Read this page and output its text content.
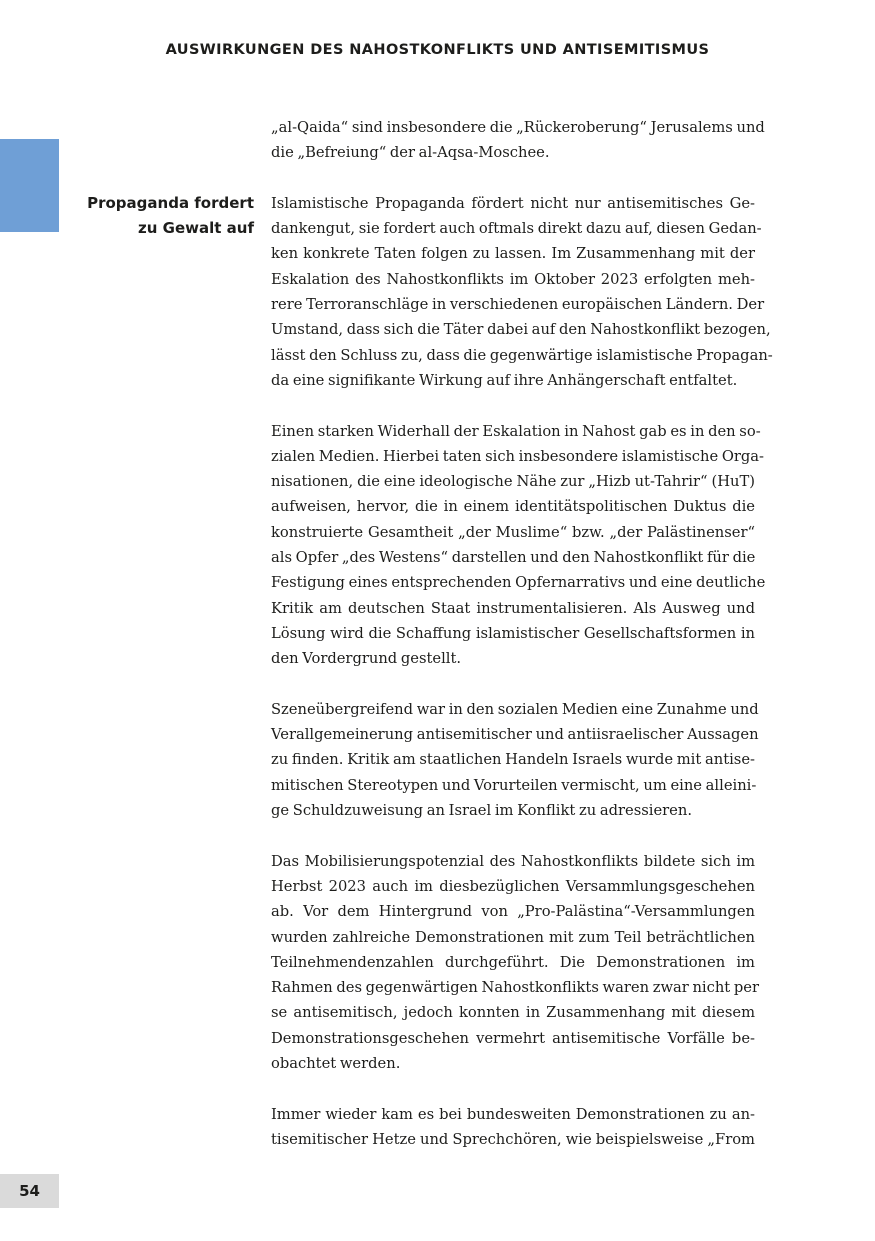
AUSWIRKUNGEN DES NAHOSTKONFLIKTS UND ANTISEMITISMUS
Propaganda fordert
zu Gewalt auf

„al-Qaida“ sind insbesondere die „Rückeroberung“ Jerusalems und
die „Befreiung“ der al-Aqsa-Moschee.

Islamistische Propaganda fördert nicht nur antisemitisches Ge-
dankengut, sie fordert auch oftmals direkt dazu auf, diesen Gedan-
ken konkrete Taten folgen zu lassen. Im Zusammenhang mit der
Eskalation des Nahostkonflikts im Oktober 2023 erfolgten meh-
rere Terroranschläge in verschiedenen europäischen Ländern. Der
Umstand, dass sich die Täter dabei auf den Nahostkonflikt bezogen,
lässt den Schluss zu, dass die gegenwärtige islamistische Propagan-
da eine signifikante Wirkung auf ihre Anhängerschaft entfaltet.

Einen starken Widerhall der Eskalation in Nahost gab es in den so-
zialen Medien. Hierbei taten sich insbesondere islamistische Orga-
nisationen, die eine ideologische Nähe zur „Hizb ut-Tahrir“ (HuT)
aufweisen, hervor, die in einem identitätspolitischen Duktus die
konstruierte Gesamtheit „der Muslime“ bzw. „der Palästinenser“
als Opfer „des Westens“ darstellen und den Nahostkonflikt für die
Festigung eines entsprechenden Opfernarrativs und eine deutliche
Kritik am deutschen Staat instrumentalisieren. Als Ausweg und
Lösung wird die Schaffung islamistischer Gesellschaftsformen in
den Vordergrund gestellt.

Szeneübergreifend war in den sozialen Medien eine Zunahme und
Verallgemeinerung antisemitischer und antiisraelischer Aussagen
zu finden. Kritik am staatlichen Handeln Israels wurde mit antise-
mitischen Stereotypen und Vorurteilen vermischt, um eine alleini-
ge Schuldzuweisung an Israel im Konflikt zu adressieren.

Das Mobilisierungspotenzial des Nahostkonflikts bildete sich im
Herbst 2023 auch im diesbezüglichen Versammlungsgeschehen
ab. Vor dem Hintergrund von „Pro-Palästina“-Versammlungen
wurden zahlreiche Demonstrationen mit zum Teil beträchtlichen
Teilnehmendenzahlen durchgeführt. Die Demonstrationen im
Rahmen des gegenwärtigen Nahostkonflikts waren zwar nicht per
se antisemitisch, jedoch konnten in Zusammenhang mit diesem
Demonstrationsgeschehen vermehrt antisemitische Vorfälle be-
obachtet werden.

Immer wieder kam es bei bundesweiten Demonstrationen zu an-
tisemitischer Hetze und Sprechchören, wie beispielsweise „From

54
